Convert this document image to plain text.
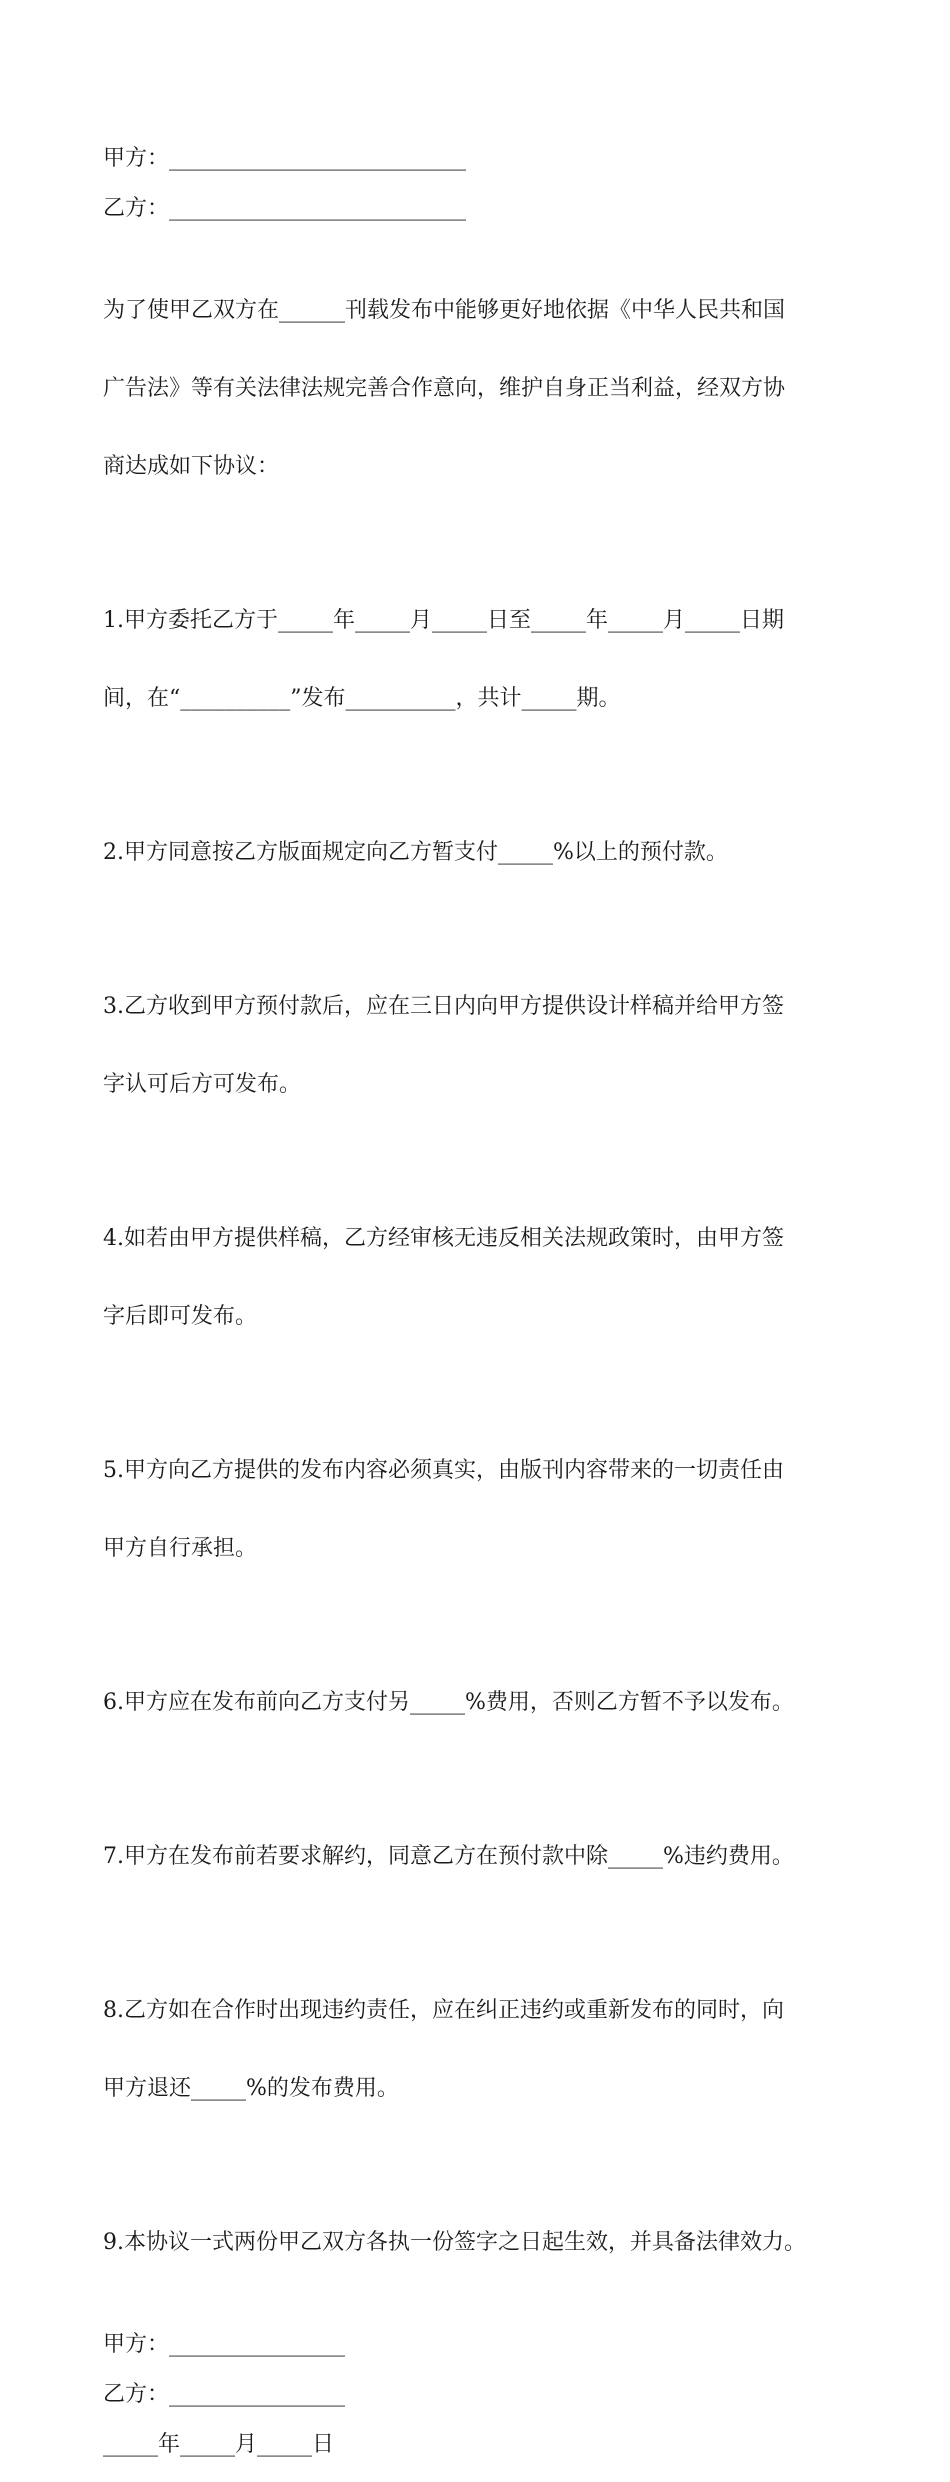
甲方：___________________________
乙方：___________________________

为了使甲乙双方在______刊载发布中能够更好地依据《中华人民共和国

广告法》等有关法律法规完善合作意向，维护自身正当利益，经双方协

商达成如下协议：

1.甲方委托乙方于_____年_____月_____日至_____年_____月_____日期

间，在“__________”发布__________，共计_____期。

2.甲方同意按乙方版面规定向乙方暂支付_____%以上的预付款。

3.乙方收到甲方预付款后，应在三日内向甲方提供设计样稿并给甲方签

字认可后方可发布。

4.如若由甲方提供样稿，乙方经审核无违反相关法规政策时，由甲方签

字后即可发布。

5.甲方向乙方提供的发布内容必须真实，由版刊内容带来的一切责任由

甲方自行承担。

6.甲方应在发布前向乙方支付另_____%费用，否则乙方暂不予以发布。

7.甲方在发布前若要求解约，同意乙方在预付款中除_____%违约费用。

8.乙方如在合作时出现违约责任，应在纠正违约或重新发布的同时，向

甲方退还_____%的发布费用。

9.本协议一式两份甲乙双方各执一份签字之日起生效，并具备法律效力。

甲方：________________
乙方：________________
_____年_____月_____日
